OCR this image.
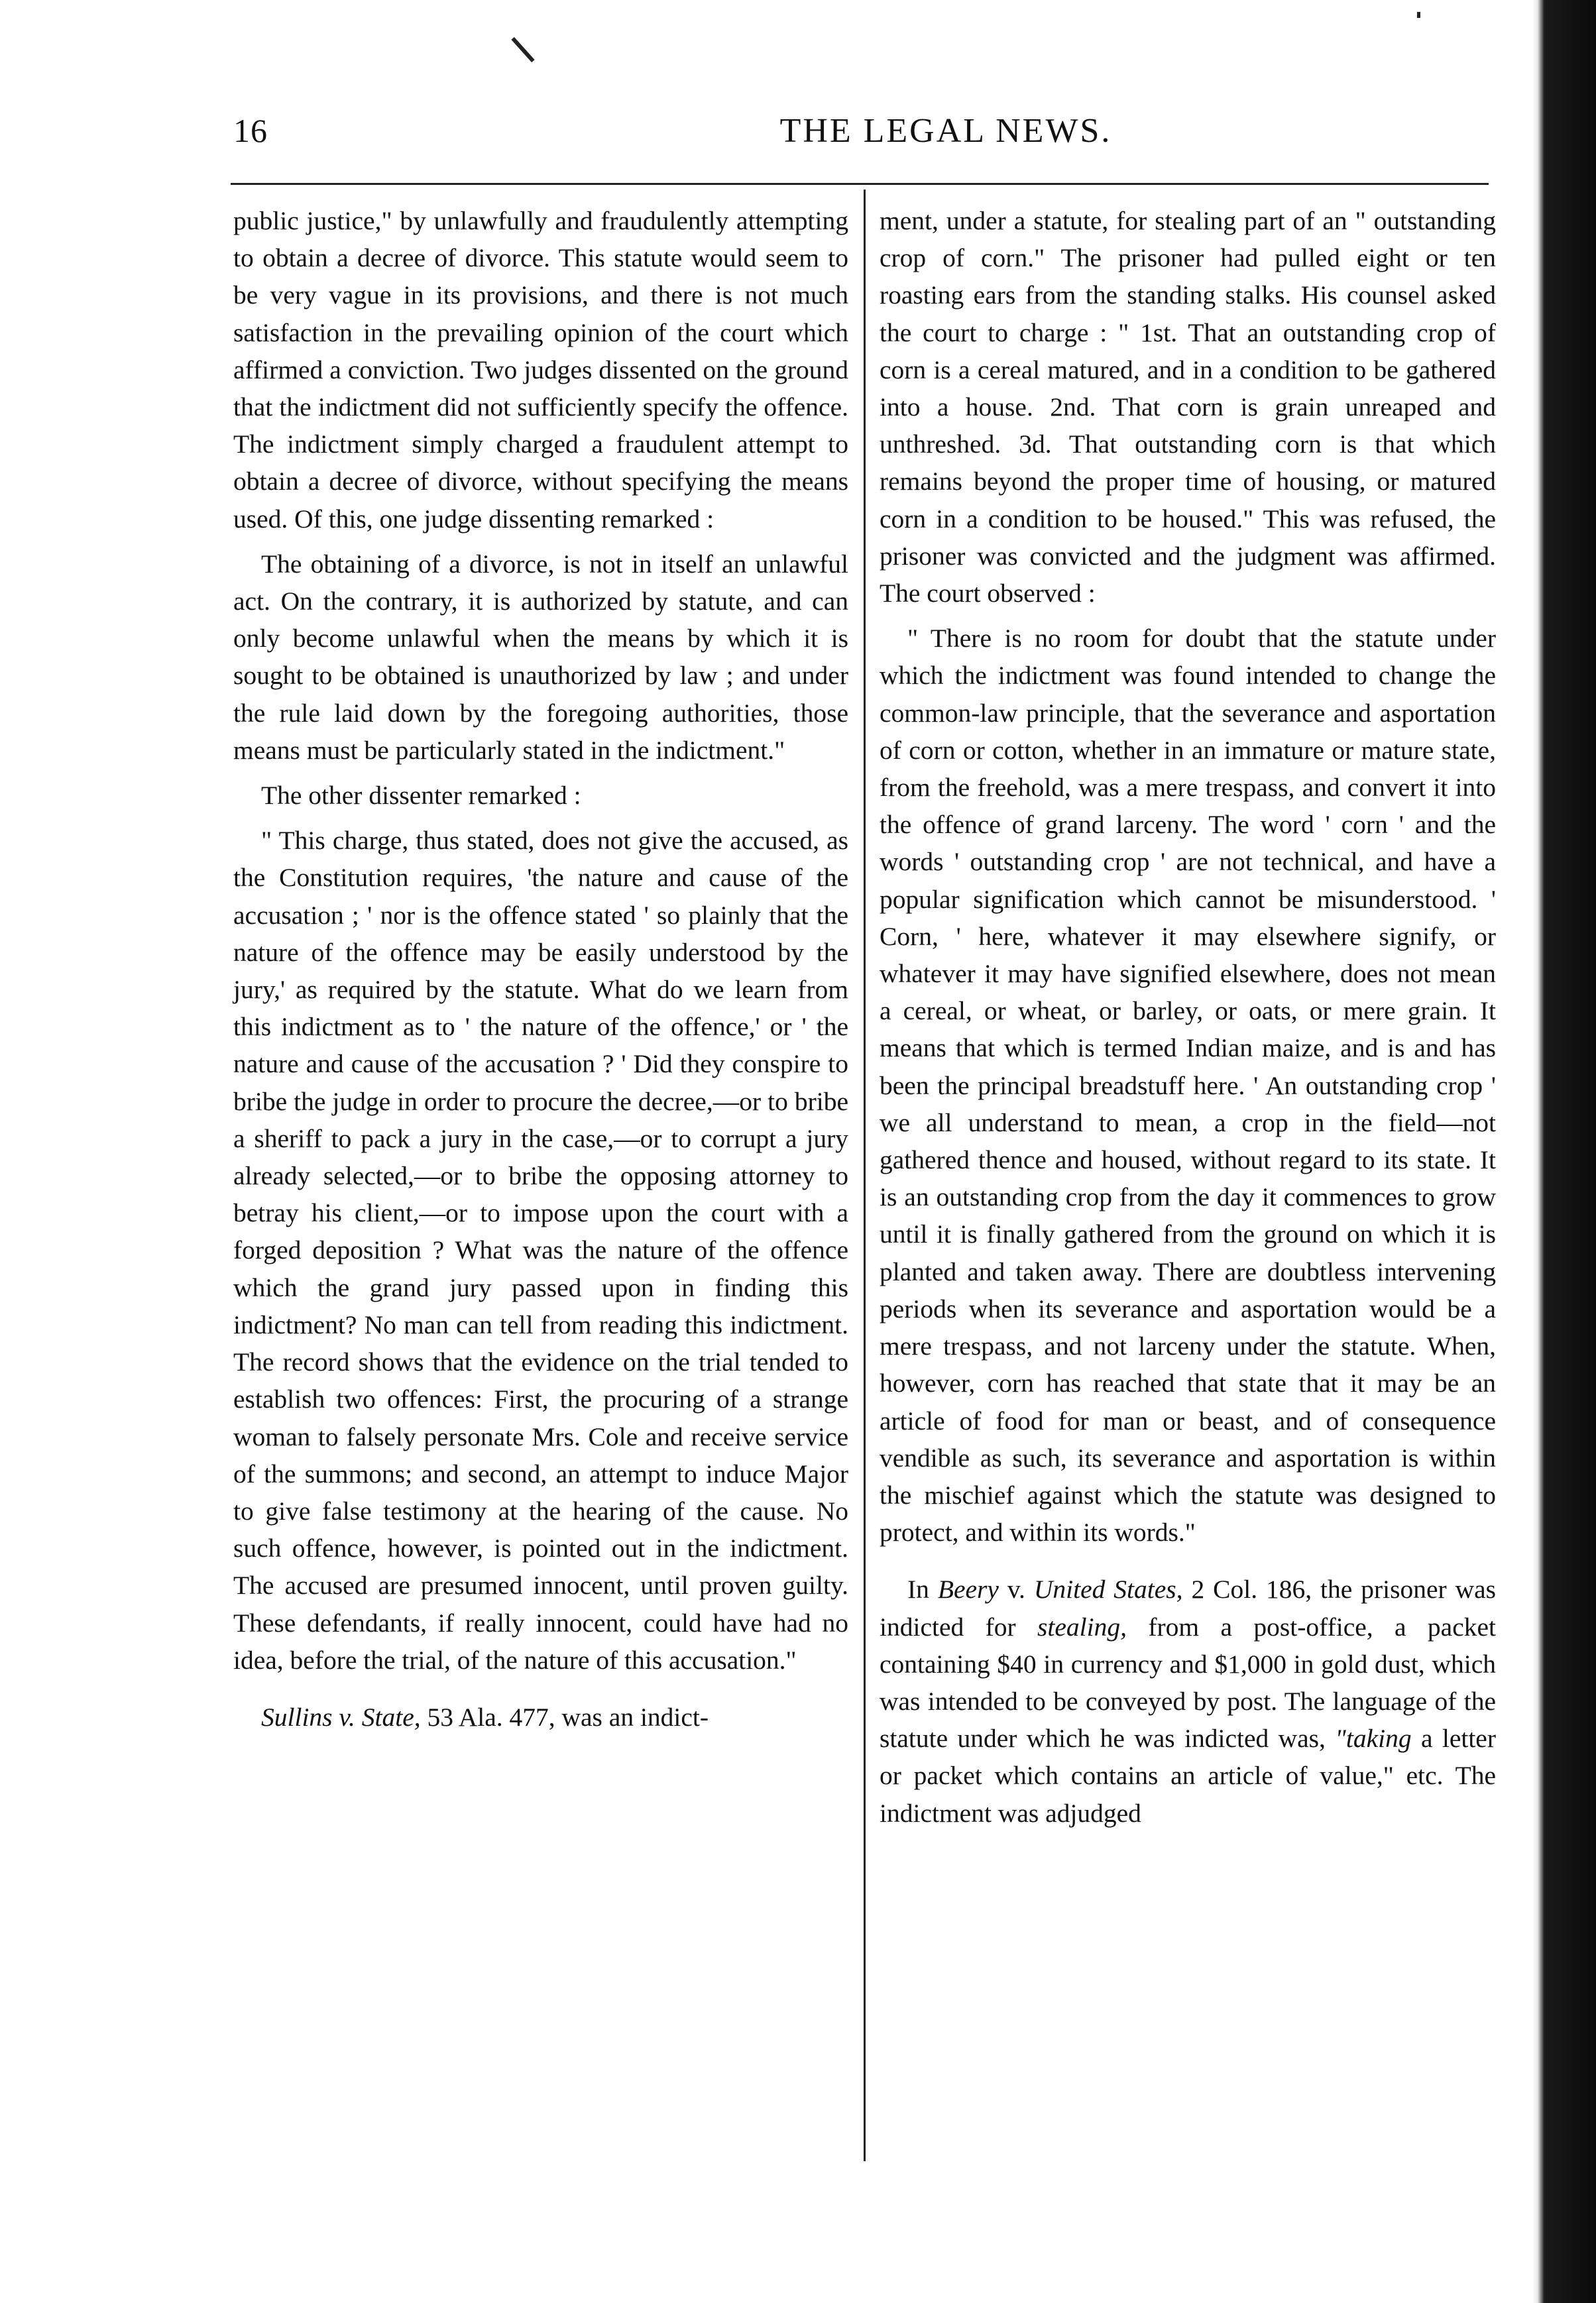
16	THE LEGAL NEWS.

public justice," by unlawfully and fraudulently attempting to obtain a decree of divorce. This statute would seem to be very vague in its provisions, and there is not much satisfaction in the prevailing opinion of the court which affirmed a conviction. Two judges dissented on the ground that the indictment did not sufficiently specify the offence. The indictment simply charged a fraudulent attempt to obtain a decree of divorce, without specifying the means used. Of this, one judge dissenting remarked :

The obtaining of a divorce, is not in itself an unlawful act. On the contrary, it is authorized by statute, and can only become unlawful when the means by which it is sought to be obtained is unauthorized by law ; and under the rule laid down by the foregoing authorities, those means must be particularly stated in the indictment."

The other dissenter remarked :

" This charge, thus stated, does not give the accused, as the Constitution requires, 'the nature and cause of the accusation ; ' nor is the offence stated ' so plainly that the nature of the offence may be easily understood by the jury,' as required by the statute. What do we learn from this indictment as to ' the nature of the offence,' or ' the nature and cause of the accusation ? ' Did they conspire to bribe the judge in order to procure the decree,—or to bribe a sheriff to pack a jury in the case,—or to corrupt a jury already selected,—or to bribe the opposing attorney to betray his client,—or to impose upon the court with a forged deposition ? What was the nature of the offence which the grand jury passed upon in finding this indictment? No man can tell from reading this indictment. The record shows that the evidence on the trial tended to establish two offences: First, the procuring of a strange woman to falsely personate Mrs. Cole and receive service of the summons; and second, an attempt to induce Major to give false testimony at the hearing of the cause. No such offence, however, is pointed out in the indictment. The accused are presumed innocent, until proven guilty. These defendants, if really innocent, could have had no idea, before the trial, of the nature of this accusation."

Sullins v. State, 53 Ala. 477, was an indict-

ment, under a statute, for stealing part of an " outstanding crop of corn." The prisoner had pulled eight or ten roasting ears from the standing stalks. His counsel asked the court to charge : " 1st. That an outstanding crop of corn is a cereal matured, and in a condition to be gathered into a house. 2nd. That corn is grain unreaped and unthreshed. 3d. That outstanding corn is that which remains beyond the proper time of housing, or matured corn in a condition to be housed." This was refused, the prisoner was convicted and the judgment was affirmed. The court observed :

" There is no room for doubt that the statute under which the indictment was found intended to change the common-law principle, that the severance and asportation of corn or cotton, whether in an immature or mature state, from the freehold, was a mere trespass, and convert it into the offence of grand larceny. The word ' corn ' and the words ' outstanding crop ' are not technical, and have a popular signification which cannot be misunderstood. ' Corn, ' here, whatever it may elsewhere signify, or whatever it may have signified elsewhere, does not mean a cereal, or wheat, or barley, or oats, or mere grain. It means that which is termed Indian maize, and is and has been the principal breadstuff here. ' An outstanding crop ' we all understand to mean, a crop in the field—not gathered thence and housed, without regard to its state. It is an outstanding crop from the day it commences to grow until it is finally gathered from the ground on which it is planted and taken away. There are doubtless intervening periods when its severance and asportation would be a mere trespass, and not larceny under the statute. When, however, corn has reached that state that it may be an article of food for man or beast, and of consequence vendible as such, its severance and asportation is within the mischief against which the statute was designed to protect, and within its words."

In Beery v. United States, 2 Col. 186, the prisoner was indicted for stealing, from a post-office, a packet containing $40 in currency and $1,000 in gold dust, which was intended to be conveyed by post. The language of the statute under which he was indicted was, "taking a letter or packet which contains an article of value," etc. The indictment was adjudged
